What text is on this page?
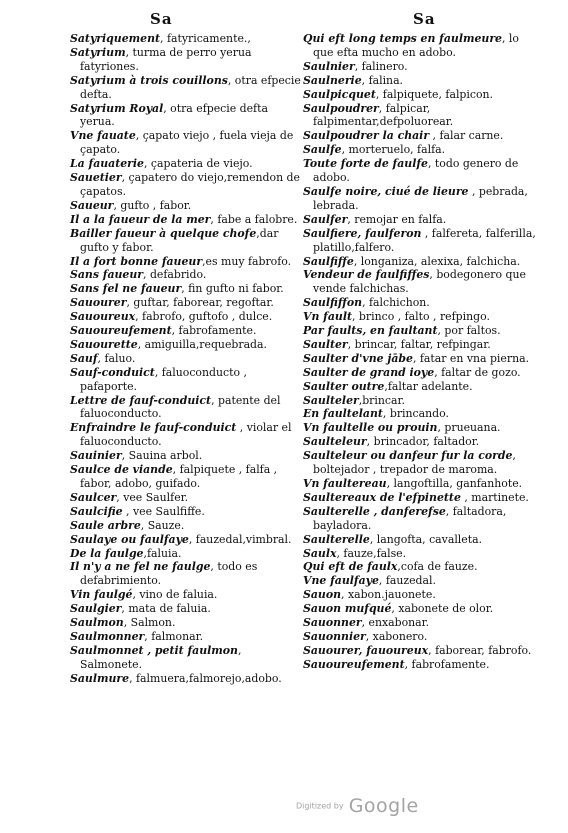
Sa	Sa
Satyriquement, fatyricamente.,
Satyrium, turma de perro yerua fatyriones.
Satyrium à trois couillons, otra efpecie defta.
Satyrium Royal, otra efpecie defta yerua.
Vne fauate, çapato viejo , fuela vieja de çapato.
La fauaterie, çapateria de viejo.
Sauetier, çapatero do viejo,remendon de çapatos.
Saueur, gufto , fabor.
Il a la faueur de la mer, fabe a falobre.
Bailler faueur à quelque chofe,dar gufto y fabor.
Il a fort bonne faueur,es muy fabrofo.
Sans faueur, defabrido.
Sans fel ne faueur, fin gufto ni fabor.
Sauourer, guftar, faborear, regoftar.
Sauoureux, fabrofo, guftofo , dulce.
Sauoureufement, fabrofamente.
Sauourette, amiguilla,requebrada.
Sauf, faluo.
Sauf-conduict, faluoconducto , pafaporte.
Lettre de fauf-conduict, patente del faluoconducto.
Enfraindre le fauf-conduict , violar el faluoconducto.
Sauinier, Sauina arbol.
Saulce de viande, falpiquete , falfa , fabor, adobo, guifado.
Saulcer, vee Saulfer.
Saulcifie , vee Saulfiffe.
Saule arbre, Sauze.
Saulaye ou faulfaye, fauzedal,vimbral.
De la faulge,faluia.
Il n'y a ne fel ne faulge, todo es defabrimiento.
Vin faulgé, vino de faluia.
Saulgier, mata de faluia.
Saulmon, Salmon.
Saulmonner, falmonar.
Saulmonnet , petit faulmon, Salmonete.
Saulmure, falmuera,falmorejo,adobo.
Qui eft long temps en faulmeure, lo que efta mucho en adobo.
Saulnier, falinero.
Saulnerie, falina.
Saulpicquet, falpiquete, falpicon.
Saulpoudrer, falpicar, falpimentar,defpoluorear.
Saulpoudrer la chair , falar carne.
Saulfe, morteruelo, falfa.
Toute forte de faulfe, todo genero de adobo.
Saulfe noire, ciué de lieure , pebrada, lebrada.
Saulfer, remojar en falfa.
Saulfiere, faulferon , falfereta, falferilla, platillo,falfero.
Saulfiffe, longaniza, alexixa, falchicha.
Vendeur de faulfiffes, bodegonero que vende falchichas.
Saulfiffon, falchichon.
Vn fault, brinco , falto , refpingo.
Par faults, en faultant, por faltos.
Saulter, brincar, faltar, refpingar.
Saulter d'vne jābe, fatar en vna pierna.
Saulter de grand ioye, faltar de gozo.
Saulter outre,faltar adelante.
Saulteler,brincar.
En faultelant, brincando.
Vn faultelle ou prouin, prueuana.
Saulteleur, brincador, faltador.
Saulteleur ou danfeur fur la corde, boltejador , trepador de maroma.
Vn faultereau, langoftilla, ganfanhote.
Saultereaux de l'efpinette , martinete.
Saulterelle , danferefse, faltadora, bayladora.
Saulterelle, langofta, cavalleta.
Saulx, fauze,false.
Qui eft de faulx,cofa de fauze.
Vne faulfaye, fauzedal.
Sauon, xabon.jauonete.
Sauon mufqué, xabonete de olor.
Sauonner, enxabonar.
Sauonnier, xabonero.
Sauourer, fauoureux, faborear, fabrofo.
Sauoureufement, fabrofamente.
Digitized by Google
